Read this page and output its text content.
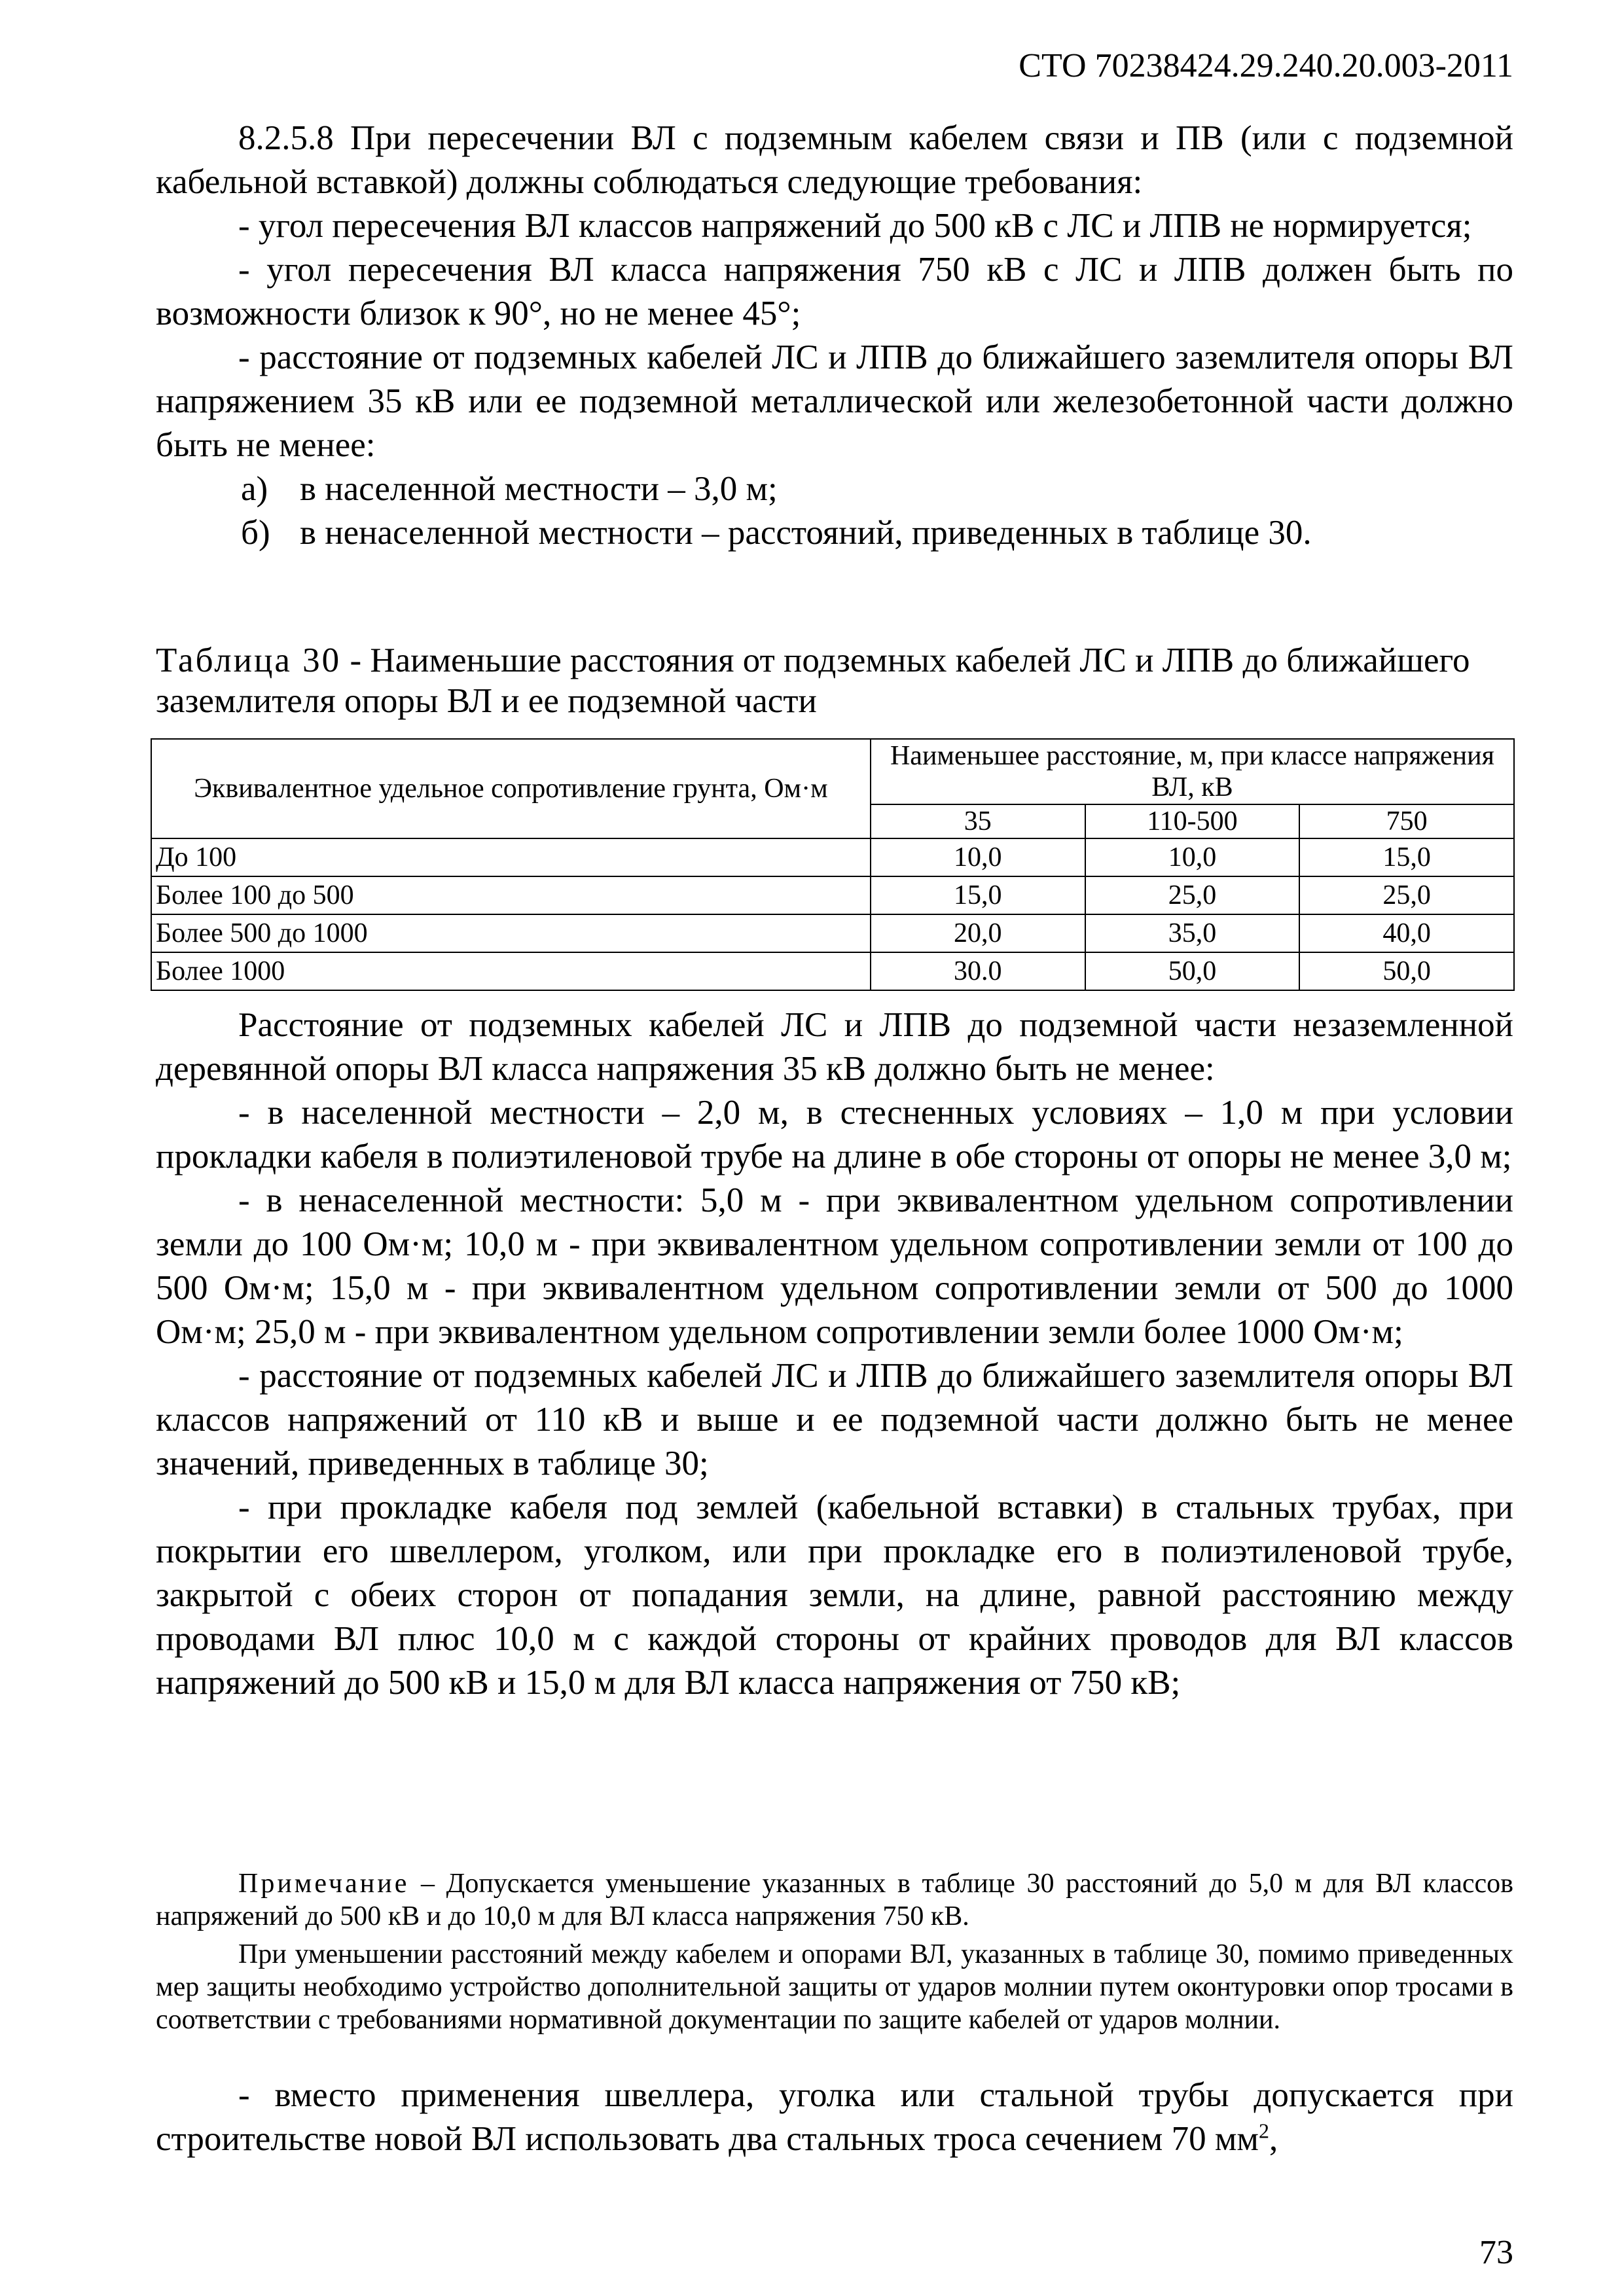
СТО 70238424.29.240.20.003-2011

8.2.5.8 При пересечении ВЛ с подземным кабелем связи и ПВ (или с подземной кабельной вставкой) должны соблюдаться следующие требования:

- угол пересечения ВЛ классов напряжений до 500 кВ с ЛС и ЛПВ не нормируется;

- угол пересечения ВЛ класса напряжения 750 кВ с ЛС и ЛПВ должен быть по возможности близок к 90°, но не менее 45°;

- расстояние от подземных кабелей ЛС и ЛПВ до ближайшего заземлителя опоры ВЛ напряжением 35 кВ или ее подземной металлической или железобетонной части должно быть не менее:

а) в населенной местности – 3,0 м;

б) в ненаселенной местности – расстояний, приведенных в таблице 30.

Таблица 30 - Наименьшие расстояния от подземных кабелей ЛС и ЛПВ до ближайшего заземлителя опоры ВЛ и ее подземной части
Эквивалентное удельное сопротивление грунта, Ом·м	Наименьшее расстояние, м, при классе напряжения ВЛ, кВ		
	35	110-500	750
До 100	10,0	10,0	15,0
Более 100 до 500	15,0	25,0	25,0
Более 500 до 1000	20,0	35,0	40,0
Более 1000	30.0	50,0	50,0

Расстояние от подземных кабелей ЛС и ЛПВ до подземной части незаземленной деревянной опоры ВЛ класса напряжения 35 кВ должно быть не менее:

- в населенной местности – 2,0 м, в стесненных условиях – 1,0 м при условии прокладки кабеля в полиэтиленовой трубе на длине в обе стороны от опоры не менее 3,0 м;

- в ненаселенной местности: 5,0 м - при эквивалентном удельном сопротивлении земли до 100 Ом·м; 10,0 м - при эквивалентном удельном сопротивлении земли от 100 до 500 Ом·м; 15,0 м - при эквивалентном удельном сопротивлении земли от 500 до 1000 Ом·м; 25,0 м - при эквивалентном удельном сопротивлении земли более 1000 Ом·м;

- расстояние от подземных кабелей ЛС и ЛПВ до ближайшего заземлителя опоры ВЛ классов напряжений от 110 кВ и выше и ее подземной части должно быть не менее значений, приведенных в таблице 30;

- при прокладке кабеля под землей (кабельной вставки) в стальных трубах, при покрытии его швеллером, уголком, или при прокладке его в полиэтиленовой трубе, закрытой с обеих сторон от попадания земли, на длине, равной расстоянию между проводами ВЛ плюс 10,0 м с каждой стороны от крайних проводов для ВЛ классов напряжений до 500 кВ и 15,0 м для ВЛ класса напряжения от 750 кВ;

Примечание – Допускается уменьшение указанных в таблице 30 расстояний до 5,0 м для ВЛ классов напряжений до 500 кВ и до 10,0 м для ВЛ класса напряжения 750 кВ.

При уменьшении расстояний между кабелем и опорами ВЛ, указанных в таблице 30, помимо приведенных мер защиты необходимо устройство дополнительной защиты от ударов молнии путем оконтуровки опор тросами в соответствии с требованиями нормативной документации по защите кабелей от ударов молнии.

- вместо применения швеллера, уголка или стальной трубы допускается при строительстве новой ВЛ использовать два стальных троса сечением 70 $мм^2$,

73
